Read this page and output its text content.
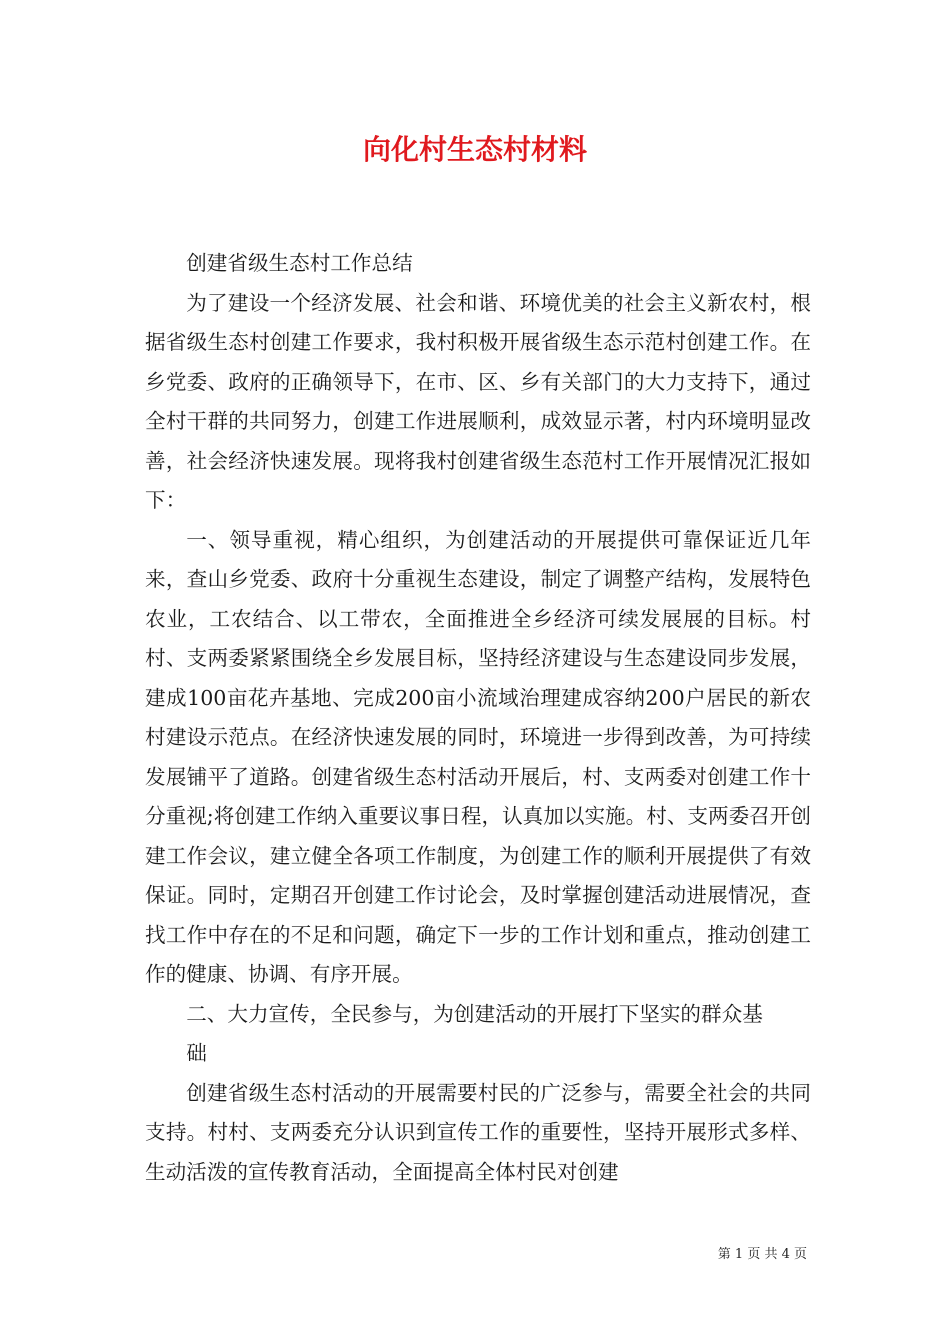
向化村生态村材料

创建省级生态村工作总结

为了建设一个经济发展、社会和谐、环境优美的社会主义新农村，根据省级生态村创建工作要求，我村积极开展省级生态示范村创建工作。在乡党委、政府的正确领导下，在市、区、乡有关部门的大力支持下，通过全村干群的共同努力，创建工作进展顺利，成效显示著，村内环境明显改善，社会经济快速发展。现将我村创建省级生态范村工作开展情况汇报如下：

一、领导重视，精心组织，为创建活动的开展提供可靠保证近几年来，查山乡党委、政府十分重视生态建设，制定了调整产结构，发展特色农业，工农结合、以工带农，全面推进全乡经济可续发展展的目标。村村、支两委紧紧围绕全乡发展目标，坚持经济建设与生态建设同步发展，建成100亩花卉基地、完成200亩小流域治理建成容纳200户居民的新农村建设示范点。在经济快速发展的同时，环境进一步得到改善，为可持续发展铺平了道路。创建省级生态村活动开展后，村、支两委对创建工作十分重视;将创建工作纳入重要议事日程，认真加以实施。村、支两委召开创建工作会议，建立健全各项工作制度，为创建工作的顺利开展提供了有效保证。同时，定期召开创建工作讨论会，及时掌握创建活动进展情况，查找工作中存在的不足和问题，确定下一步的工作计划和重点，推动创建工作的健康、协调、有序开展。

二、大力宣传，全民参与，为创建活动的开展打下坚实的群众基

础

创建省级生态村活动的开展需要村民的广泛参与，需要全社会的共同支持。村村、支两委充分认识到宣传工作的重要性，坚持开展形式多样、生动活泼的宣传教育活动，全面提高全体村民对创建

第 1 页 共 4 页
